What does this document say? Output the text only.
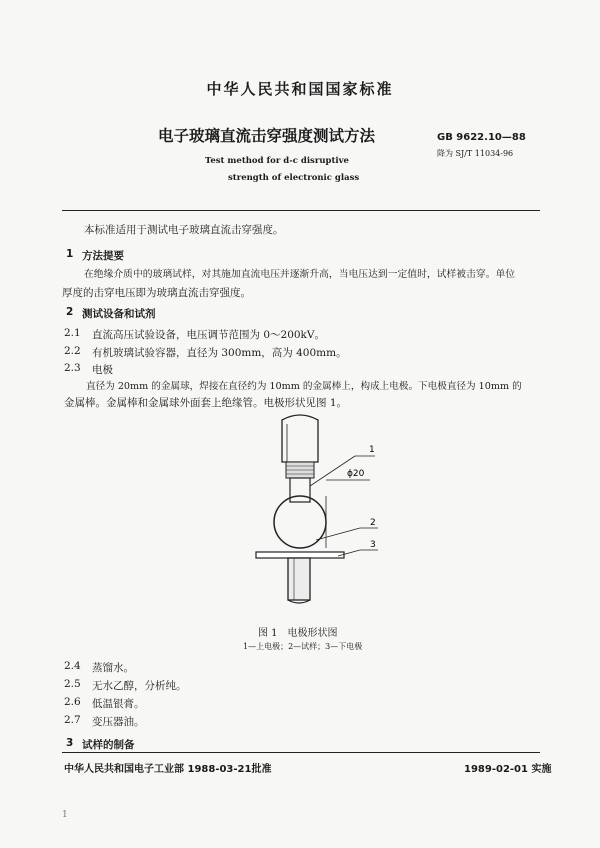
中华人民共和国国家标准
电子玻璃直流击穿强度测试方法	GB 9622.10—88
降为 SJ/T 11034-96
Test method for d-c disruptive
strength of electronic glass
本标准适用于测试电子玻璃直流击穿强度。
1 方法提要
在绝缘介质中的玻璃试样，对其施加直流电压并逐渐升高，当电压达到一定值时，试样被击穿。单位
厚度的击穿电压即为玻璃直流击穿强度。
2 测试设备和试剂
2.1 直流高压试验设备，电压调节范围为 0～200kV。
2.2 有机玻璃试验容器，直径为 300mm，高为 400mm。
2.3 电极
直径为 20mm 的金属球，焊接在直径约为 10mm 的金属棒上，构成上电极。下电极直径为 10mm 的
金属棒。金属棒和金属球外面套上绝缘管。电极形状见图 1。
1
ϕ20
2
3
图 1　电极形状图
1—上电极；2—试样；3—下电极
2.4 蒸馏水。
2.5 无水乙醇，分析纯。
2.6 低温银膏。
2.7 变压器油。
3 试样的制备
中华人民共和国电子工业部 1988-03-21批准	1989-02-01 实施
1
